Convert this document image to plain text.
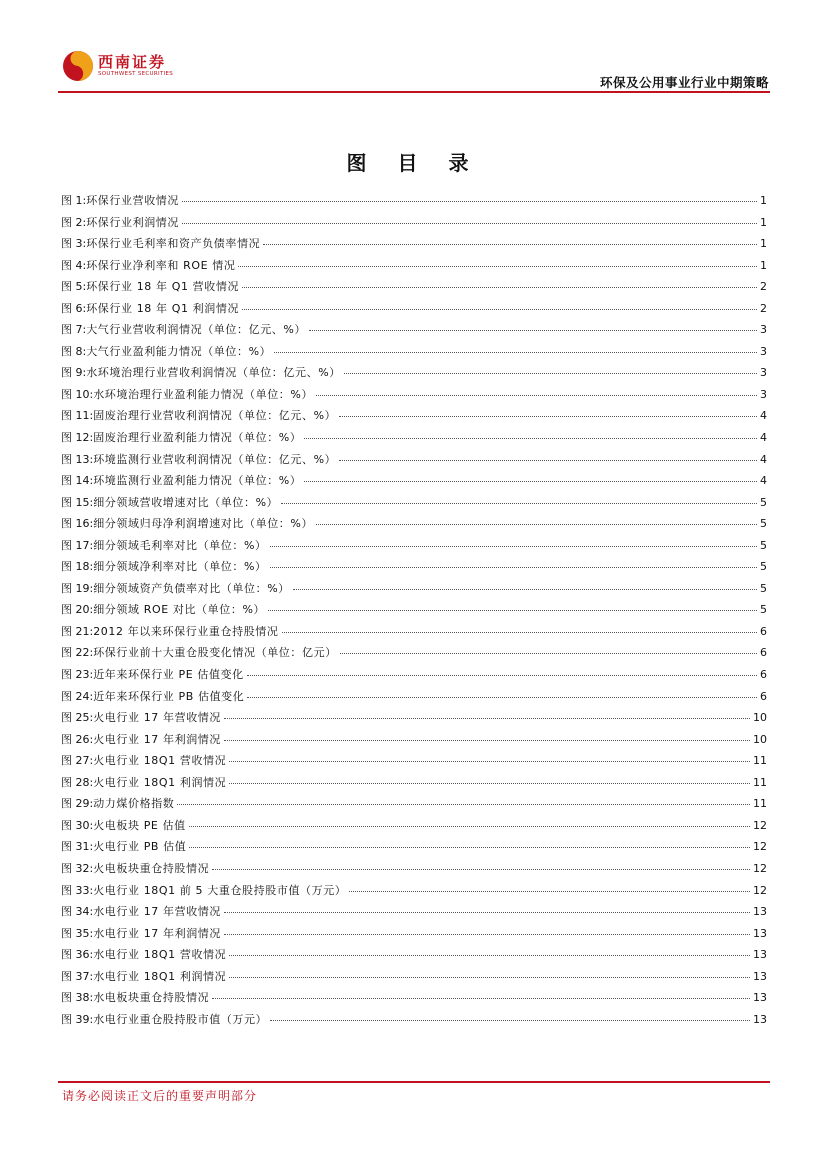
西南证券
SOUTHWEST SECURITIES
环保及公用事业行业中期策略
图 目 录
图 1: 环保行业营收情况	1
图 2: 环保行业利润情况	1
图 3: 环保行业毛利率和资产负债率情况	1
图 4: 环保行业净利率和 ROE 情况	1
图 5: 环保行业 18 年 Q1 营收情况	2
图 6: 环保行业 18 年 Q1 利润情况	2
图 7: 大气行业营收利润情况（单位：亿元、%）	3
图 8: 大气行业盈利能力情况（单位：%）	3
图 9: 水环境治理行业营收利润情况（单位：亿元、%）	3
图 10: 水环境治理行业盈利能力情况（单位：%）	3
图 11: 固废治理行业营收利润情况（单位：亿元、%）	4
图 12: 固废治理行业盈利能力情况（单位：%）	4
图 13: 环境监测行业营收利润情况（单位：亿元、%）	4
图 14: 环境监测行业盈利能力情况（单位：%）	4
图 15: 细分领域营收增速对比（单位：%）	5
图 16: 细分领域归母净利润增速对比（单位：%）	5
图 17: 细分领域毛利率对比（单位：%）	5
图 18: 细分领域净利率对比（单位：%）	5
图 19: 细分领域资产负债率对比（单位：%）	5
图 20: 细分领域 ROE 对比（单位：%）	5
图 21: 2012 年以来环保行业重仓持股情况	6
图 22: 环保行业前十大重仓股变化情况（单位：亿元）	6
图 23: 近年来环保行业 PE 估值变化	6
图 24: 近年来环保行业 PB 估值变化	6
图 25: 火电行业 17 年营收情况	10
图 26: 火电行业 17 年利润情况	10
图 27: 火电行业 18Q1 营收情况	11
图 28: 火电行业 18Q1 利润情况	11
图 29: 动力煤价格指数	11
图 30: 火电板块 PE 估值	12
图 31: 火电行业 PB 估值	12
图 32: 火电板块重仓持股情况	12
图 33: 火电行业 18Q1 前 5 大重仓股持股市值（万元）	12
图 34: 水电行业 17 年营收情况	13
图 35: 水电行业 17 年利润情况	13
图 36: 水电行业 18Q1 营收情况	13
图 37: 水电行业 18Q1 利润情况	13
图 38: 水电板块重仓持股情况	13
图 39: 水电行业重仓股持股市值（万元）	13
请务必阅读正文后的重要声明部分
